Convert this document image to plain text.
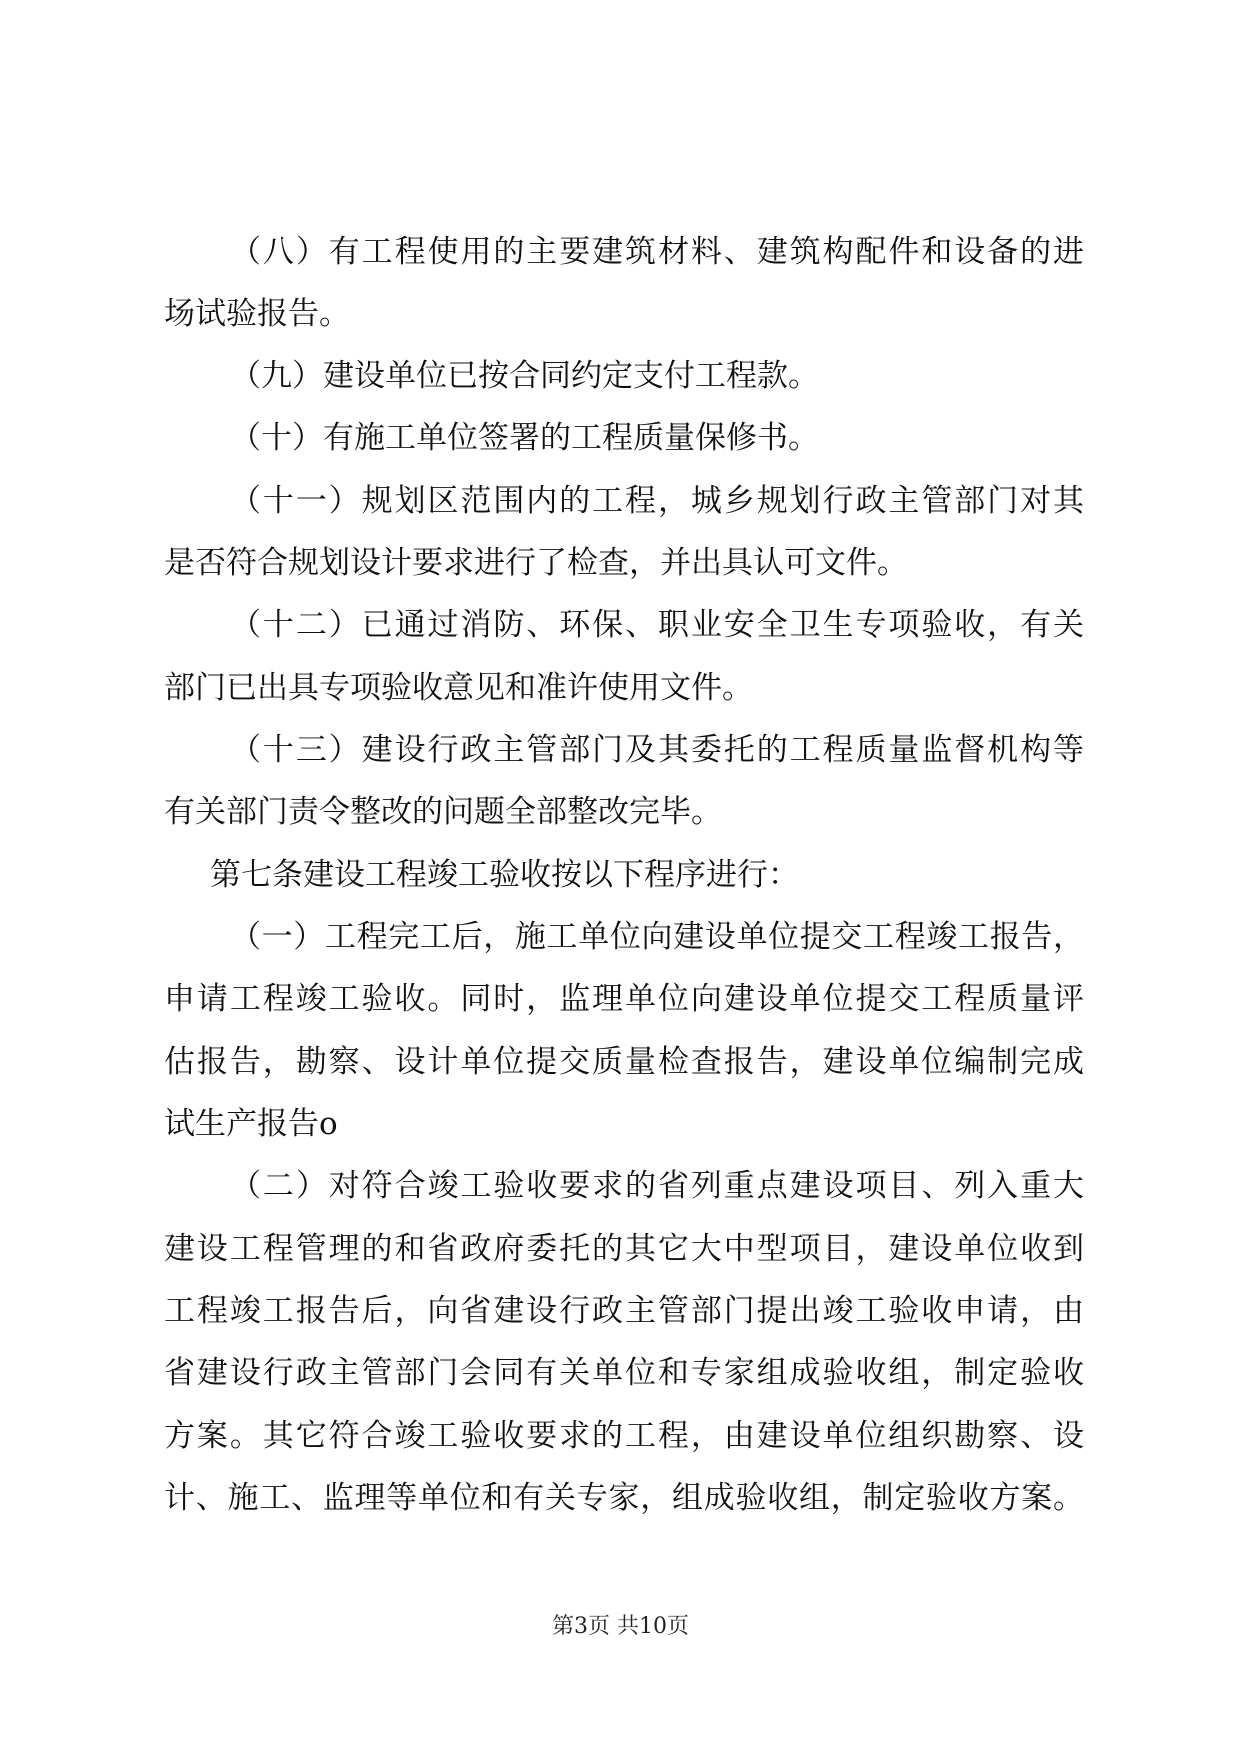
（八）有工程使用的主要建筑材料、建筑构配件和设备的进
场试验报告。
（九）建设单位已按合同约定支付工程款。
（十）有施工单位签署的工程质量保修书。
（十一）规划区范围内的工程，城乡规划行政主管部门对其
是否符合规划设计要求进行了检查，并出具认可文件。
（十二）已通过消防、环保、职业安全卫生专项验收，有关
部门已出具专项验收意见和准许使用文件。
（十三）建设行政主管部门及其委托的工程质量监督机构等
有关部门责令整改的问题全部整改完毕。
第七条建设工程竣工验收按以下程序进行：
（一）工程完工后，施工单位向建设单位提交工程竣工报告，
申请工程竣工验收。同时，监理单位向建设单位提交工程质量评
估报告，勘察、设计单位提交质量检查报告，建设单位编制完成
试生产报告o
（二）对符合竣工验收要求的省列重点建设项目、列入重大
建设工程管理的和省政府委托的其它大中型项目，建设单位收到
工程竣工报告后，向省建设行政主管部门提出竣工验收申请，由
省建设行政主管部门会同有关单位和专家组成验收组，制定验收
方案。其它符合竣工验收要求的工程，由建设单位组织勘察、设
计、施工、监理等单位和有关专家，组成验收组，制定验收方案。
第3页 共10页
